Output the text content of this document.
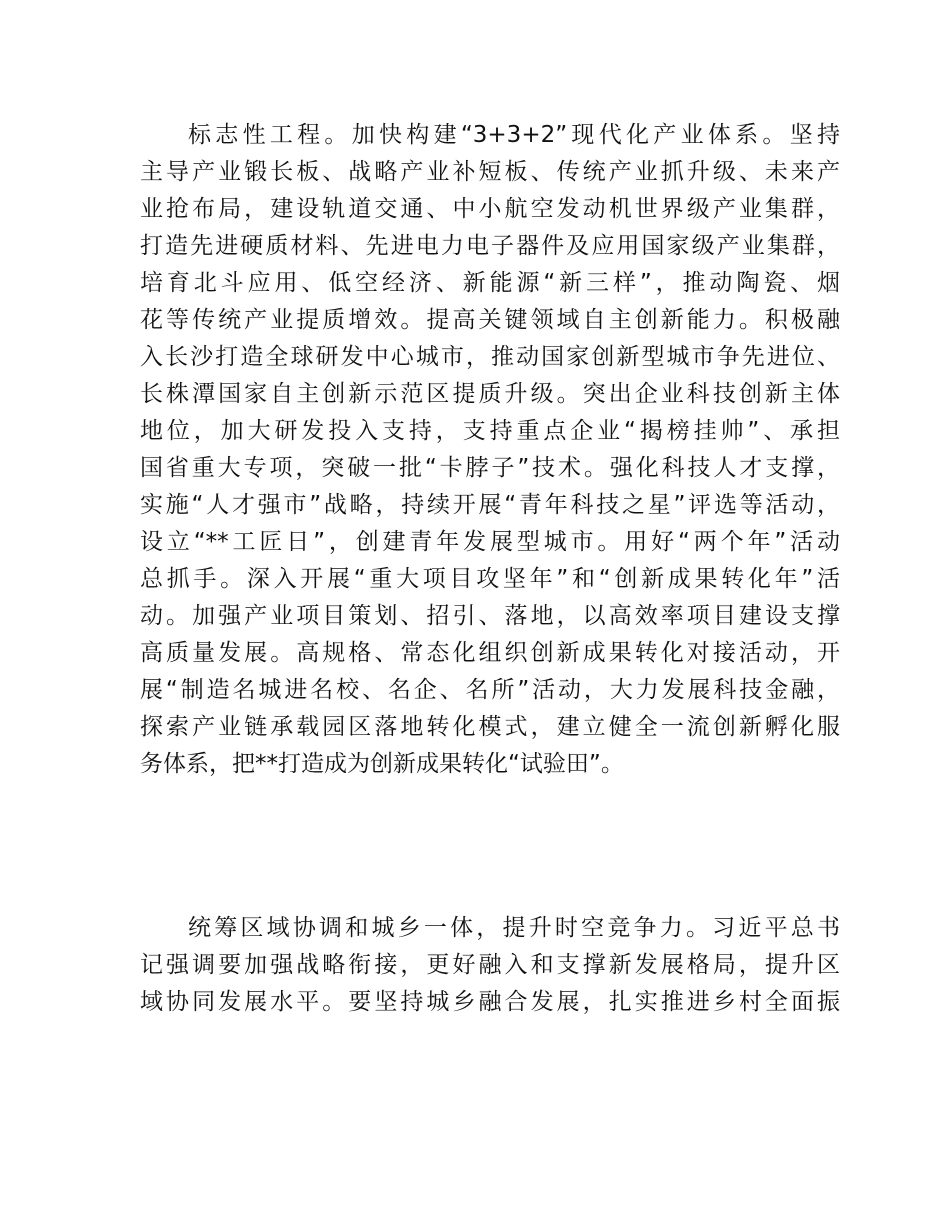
标志性工程。加快构建“3+3+2”现代化产业体系。坚持
主导产业锻长板、战略产业补短板、传统产业抓升级、未来产
业抢布局，建设轨道交通、中小航空发动机世界级产业集群，
打造先进硬质材料、先进电力电子器件及应用国家级产业集群，
培育北斗应用、低空经济、新能源“新三样”，推动陶瓷、烟
花等传统产业提质增效。提高关键领域自主创新能力。积极融
入长沙打造全球研发中心城市，推动国家创新型城市争先进位、
长株潭国家自主创新示范区提质升级。突出企业科技创新主体
地位，加大研发投入支持，支持重点企业“揭榜挂帅”、承担
国省重大专项，突破一批“卡脖子”技术。强化科技人才支撑，
实施“人才强市”战略，持续开展“青年科技之星”评选等活动，
设立“**工匠日”，创建青年发展型城市。用好“两个年”活动
总抓手。深入开展“重大项目攻坚年”和“创新成果转化年”活
动。加强产业项目策划、招引、落地，以高效率项目建设支撑
高质量发展。高规格、常态化组织创新成果转化对接活动，开
展“制造名城进名校、名企、名所”活动，大力发展科技金融，
探索产业链承载园区落地转化模式，建立健全一流创新孵化服
务体系，把**打造成为创新成果转化“试验田”。
统筹区域协调和城乡一体，提升时空竞争力。习近平总书
记强调要加强战略衔接，更好融入和支撑新发展格局，提升区
域协同发展水平。要坚持城乡融合发展，扎实推进乡村全面振
